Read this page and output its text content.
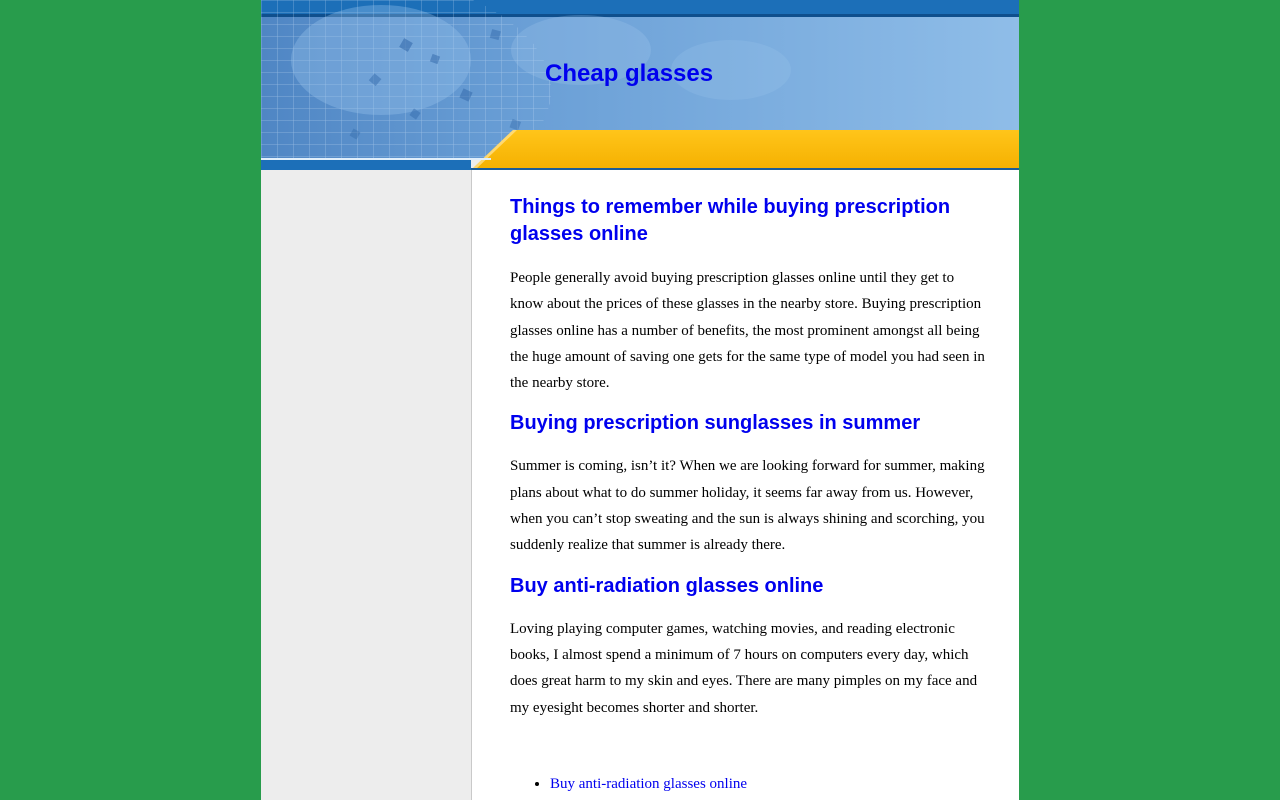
Cheap glasses
Things to remember while buying prescription glasses online

People generally avoid buying prescription glasses online until they get to know about the prices of these glasses in the nearby store. Buying prescription glasses online has a number of benefits, the most prominent amongst all being the huge amount of saving one gets for the same type of model you had seen in the nearby store.

Buying prescription sunglasses in summer

Summer is coming, isn’t it? When we are looking forward for summer, making plans about what to do summer holiday, it seems far away from us. However, when you can’t stop sweating and the sun is always shining and scorching, you suddenly realize that summer is already there.

Buy anti-radiation glasses online

Loving playing computer games, watching movies, and reading electronic books, I almost spend a minimum of 7 hours on computers every day, which does great harm to my skin and eyes. There are many pimples on my face and my eyesight becomes shorter and shorter.

• Buy anti-radiation glasses online
